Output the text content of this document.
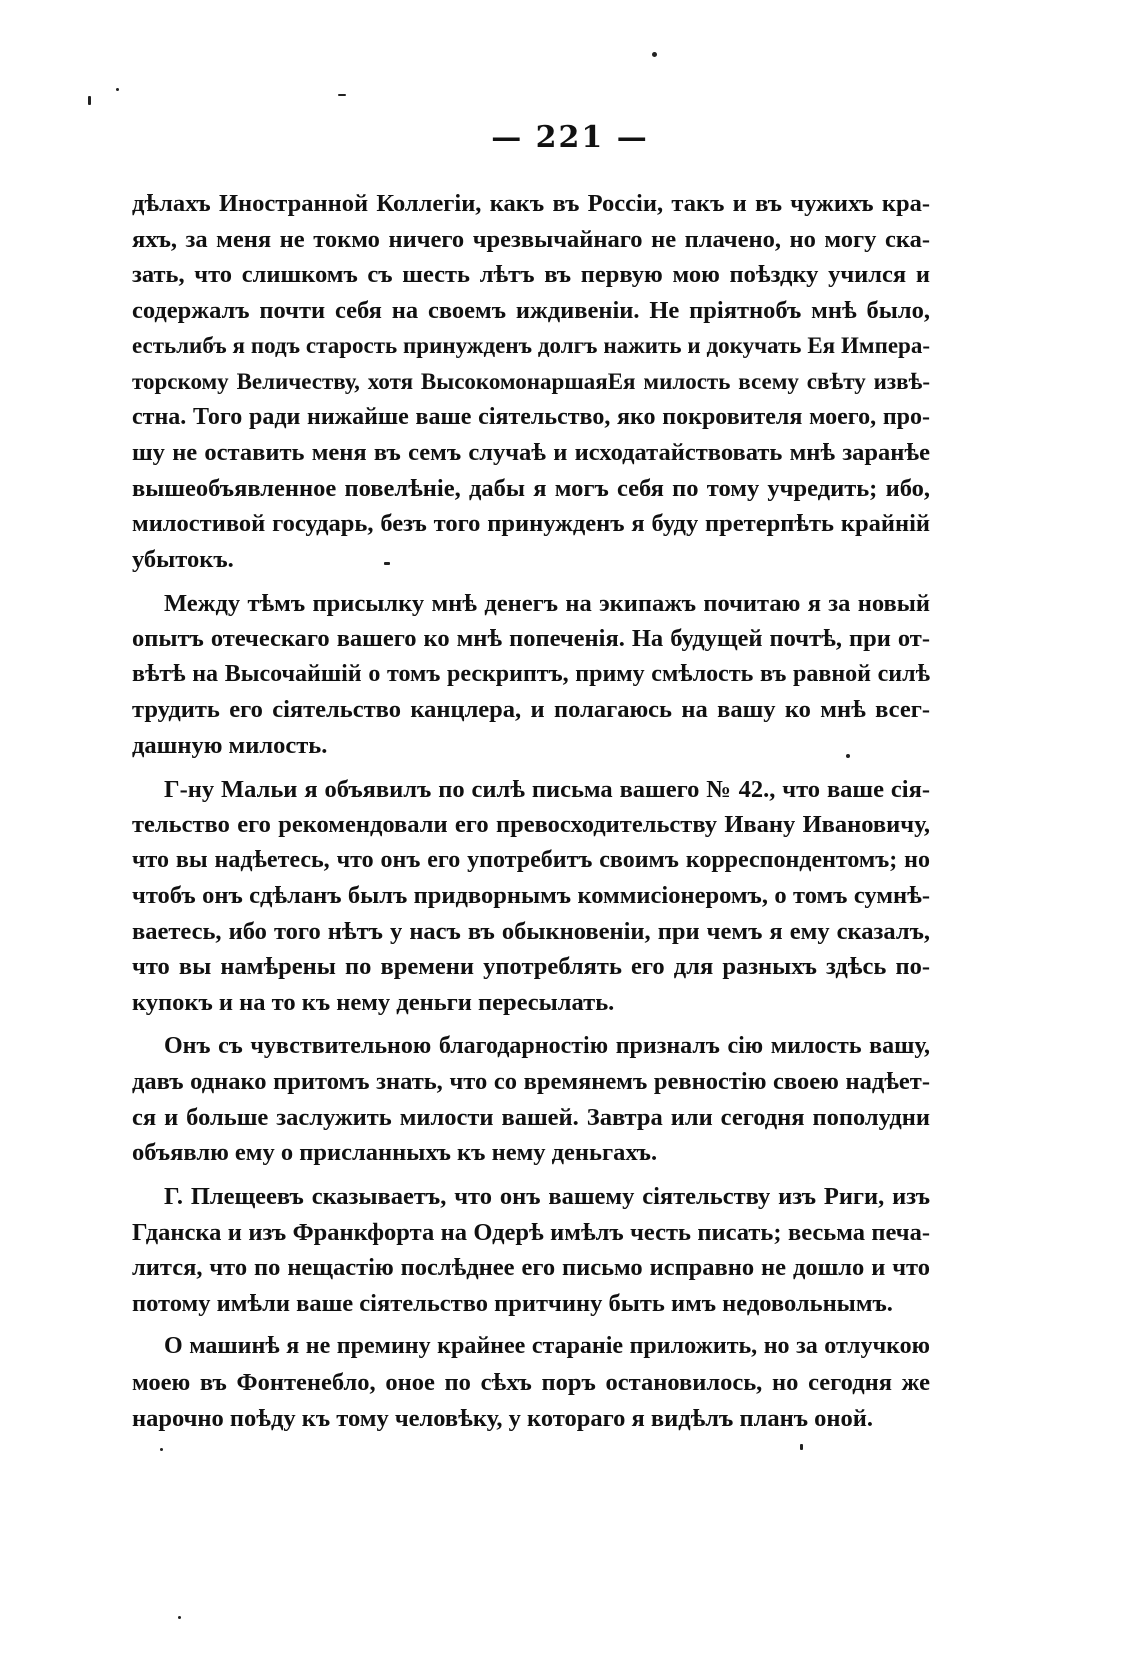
— 221 —
дѣлахъ Иностранной Коллегіи, какъ въ Россіи, такъ и въ чужихъ кра-
яхъ, за меня не токмо ничего чрезвычайнаго не плачено, но могу ска-
зать, что слишкомъ съ шесть лѣтъ въ первую мою поѣздку учился и
содержалъ почти себя на своемъ иждивеніи. Не пріятнобъ мнѣ было,
естьлибъ я подъ старость принужденъ долгъ нажить и докучать Ея Импера-
торскому Величеству, хотя ВысокомонаршаяЕя милость всему свѣту извѣ-
стна. Того ради нижайше ваше сіятельство, яко покровителя моего, про-
шу не оставить меня въ семъ случаѣ и исходатайствовать мнѣ заранѣе
вышеобъявленное повелѣніе, дабы я могъ себя по тому учредить; ибо,
милостивой государь, безъ того принужденъ я буду претерпѣть крайній
убытокъ.
Между тѣмъ присылку мнѣ денегъ на экипажъ почитаю я за новый
опытъ отеческаго вашего ко мнѣ попеченія. На будущей почтѣ, при от-
вѣтѣ на Высочайшій о томъ рескриптъ, приму смѣлость въ равной силѣ
трудить его сіятельство канцлера, и полагаюсь на вашу ко мнѣ всег-
дашную милость.
Г-ну Мальи я объявилъ по силѣ письма вашего № 42., что ваше сія-
тельство его рекомендовали его превосходительству Ивану Ивановичу,
что вы надѣетесь, что онъ его употребитъ своимъ корреспондентомъ; но
чтобъ онъ сдѣланъ былъ придворнымъ коммисіонеромъ, о томъ сумнѣ-
ваетесь, ибо того нѣтъ у насъ въ обыкновеніи, при чемъ я ему сказалъ,
что вы намѣрены по времени употреблять его для разныхъ здѣсь по-
купокъ и на то къ нему деньги пересылать.
Онъ съ чувствительною благодарностію призналъ сію милость вашу,
давъ однако притомъ знать, что со времянемъ ревностію своею надѣет-
ся и больше заслужить милости вашей. Завтра или сегодня пополудни
объявлю ему о присланныхъ къ нему деньгахъ.
Г. Плещеевъ сказываетъ, что онъ вашему сіятельству изъ Риги, изъ
Гданска и изъ Франкфорта на Одерѣ имѣлъ честь писать; весьма печа-
лится, что по нещастію послѣднее его письмо исправно не дошло и что
потому имѣли ваше сіятельство притчину быть имъ недовольнымъ.
О машинѣ я не премину крайнее стараніе приложить, но за отлучкою
моею въ Фонтенебло, оное по сѣхъ поръ остановилось, но сегодня же
нарочно поѣду къ тому человѣку, у котораго я видѣлъ планъ оной.
